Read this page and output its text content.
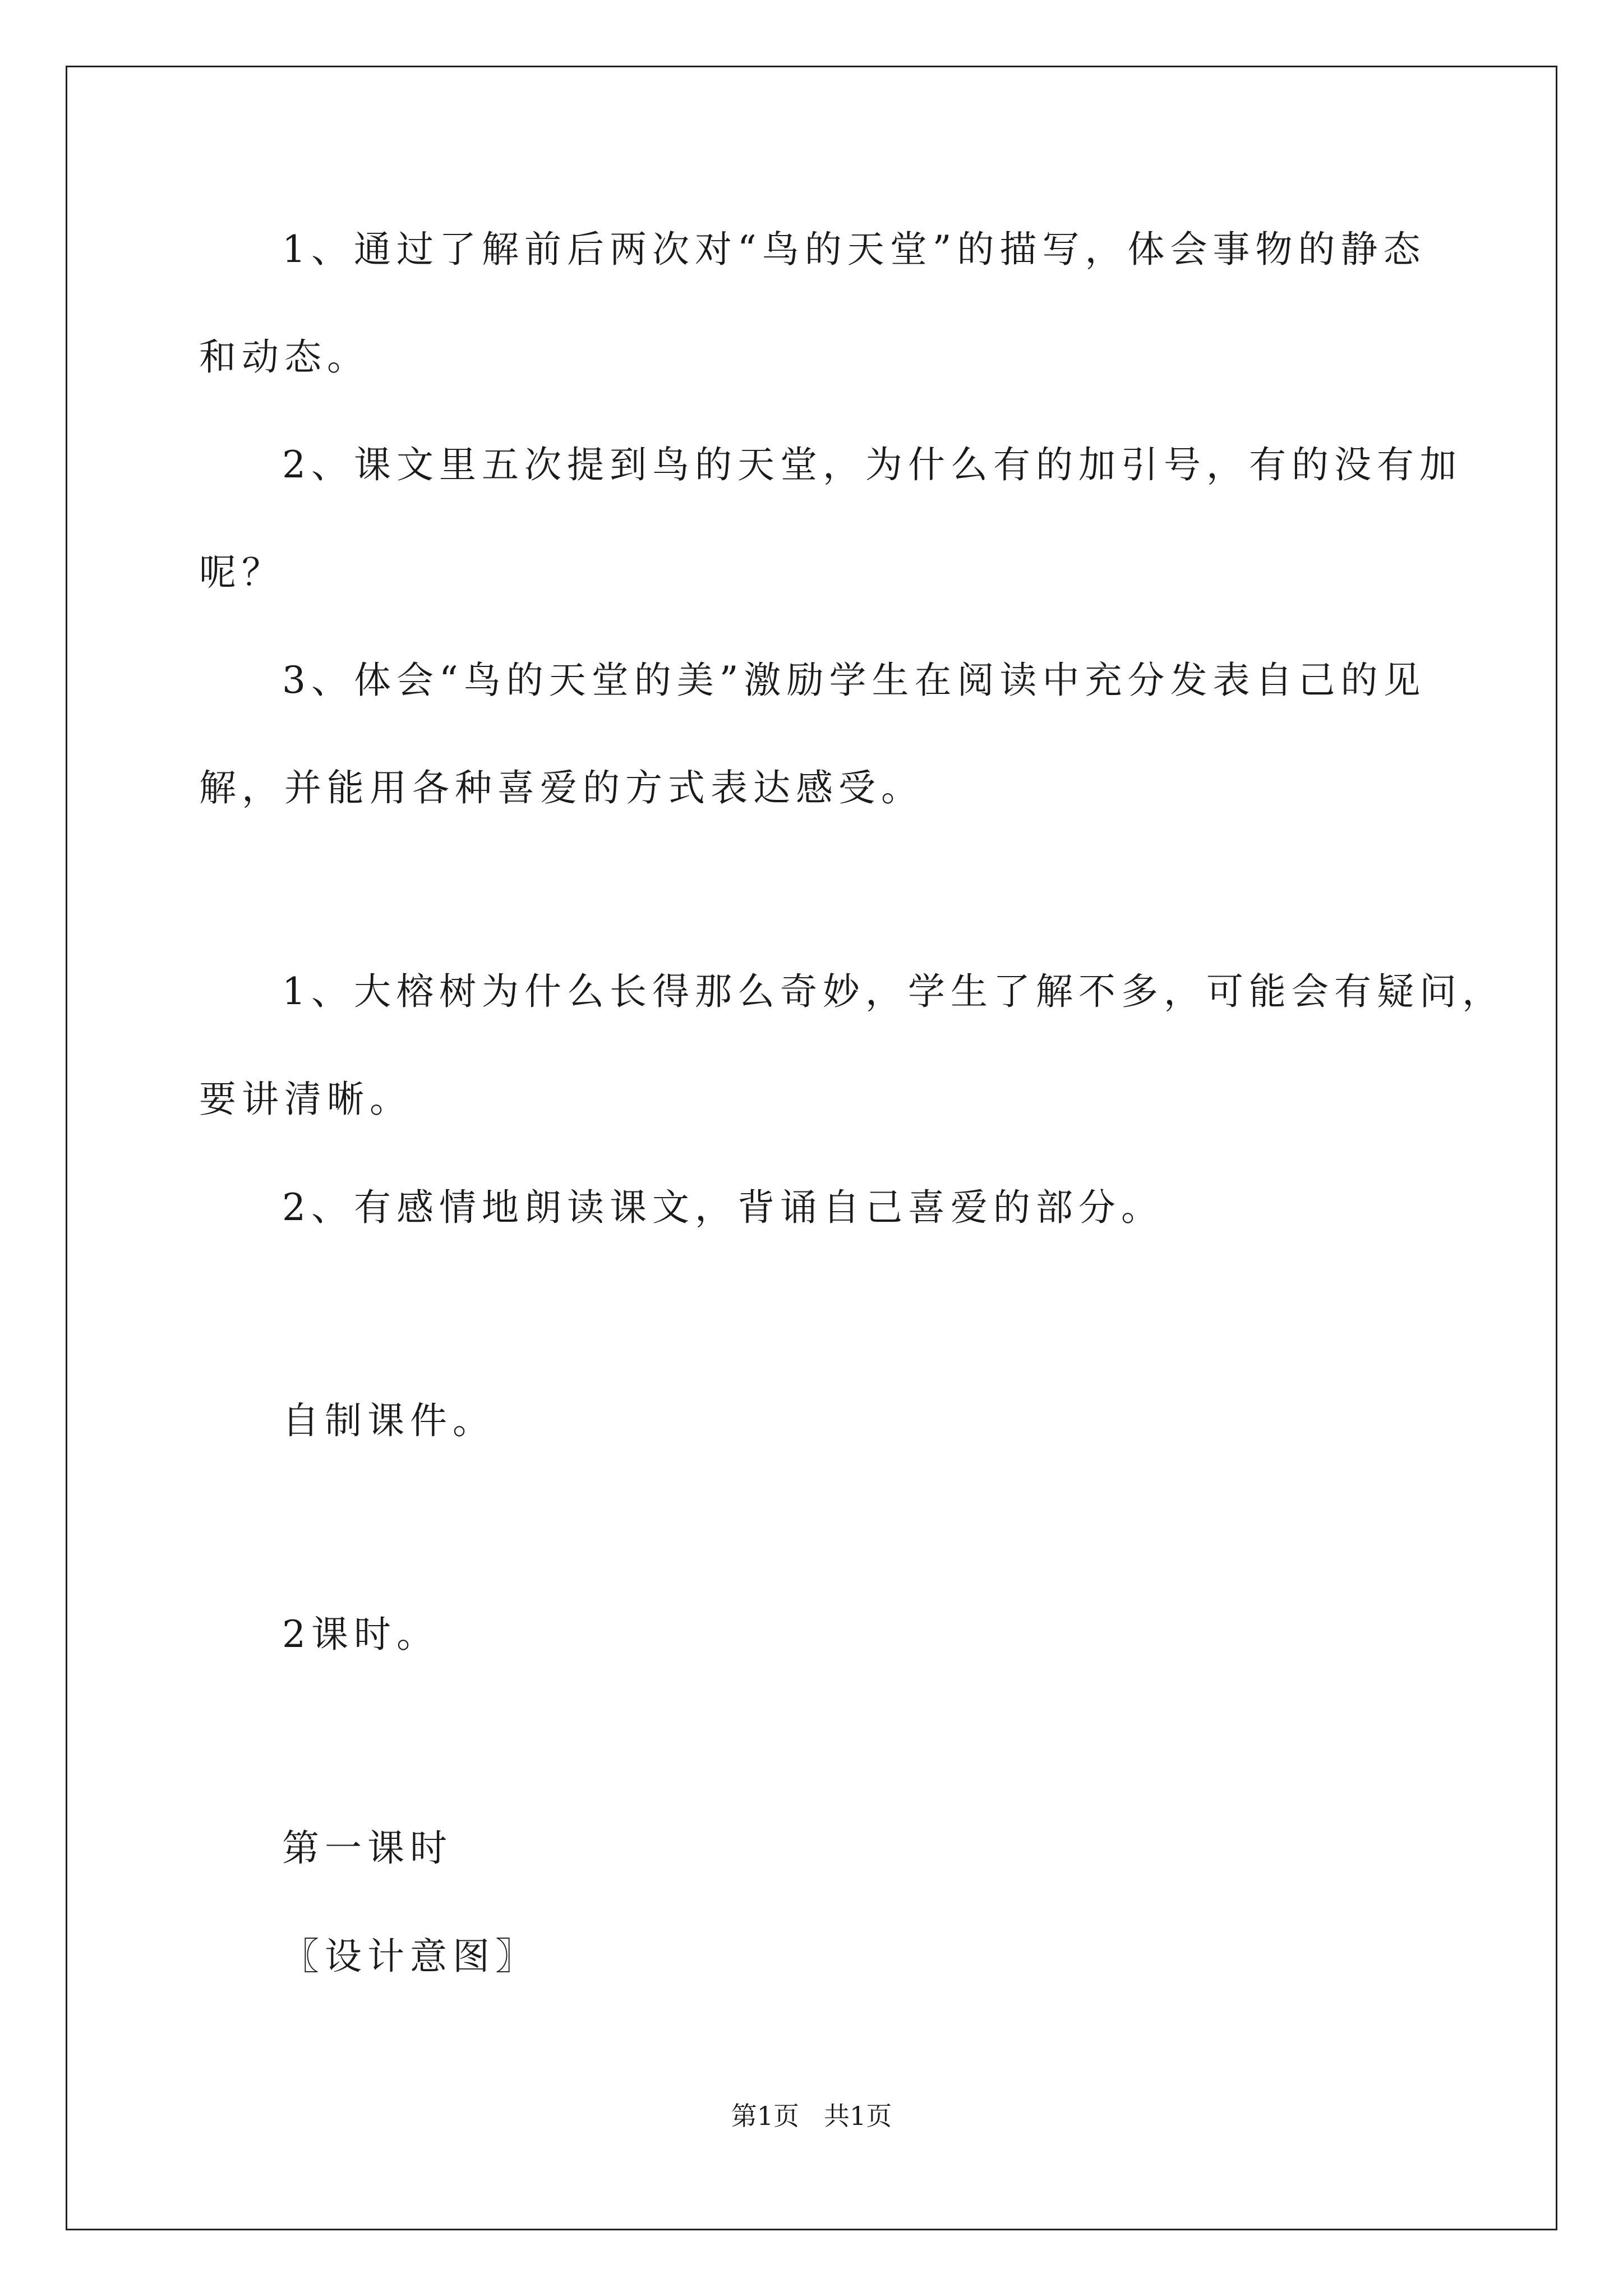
1、通过了解前后两次对“鸟的天堂”的描写，体会事物的静态
和动态。
2、课文里五次提到鸟的天堂，为什么有的加引号，有的没有加
呢？
3、体会“鸟的天堂的美”激励学生在阅读中充分发表自己的见
解，并能用各种喜爱的方式表达感受。
1、大榕树为什么长得那么奇妙，学生了解不多，可能会有疑问，
要讲清晰。
2、有感情地朗读课文，背诵自己喜爱的部分。
自制课件。
2课时。
第一课时
〖设计意图〗
第1页 共1页
